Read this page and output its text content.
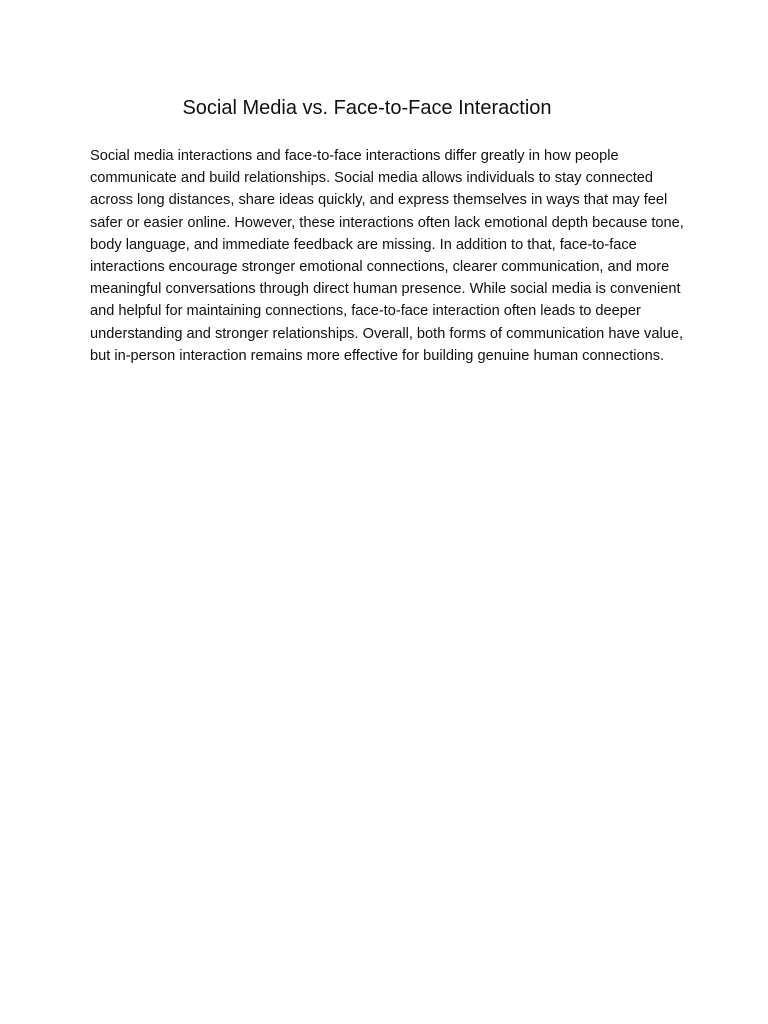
Social Media vs. Face-to-Face Interaction

Social media interactions and face-to-face interactions differ greatly in how people communicate and build relationships. Social media allows individuals to stay connected across long distances, share ideas quickly, and express themselves in ways that may feel safer or easier online. However, these interactions often lack emotional depth because tone, body language, and immediate feedback are missing. In addition to that, face-to-face interactions encourage stronger emotional connections, clearer communication, and more meaningful conversations through direct human presence. While social media is convenient and helpful for maintaining connections, face-to-face interaction often leads to deeper understanding and stronger relationships. Overall, both forms of communication have value, but in-person interaction remains more effective for building genuine human connections.
